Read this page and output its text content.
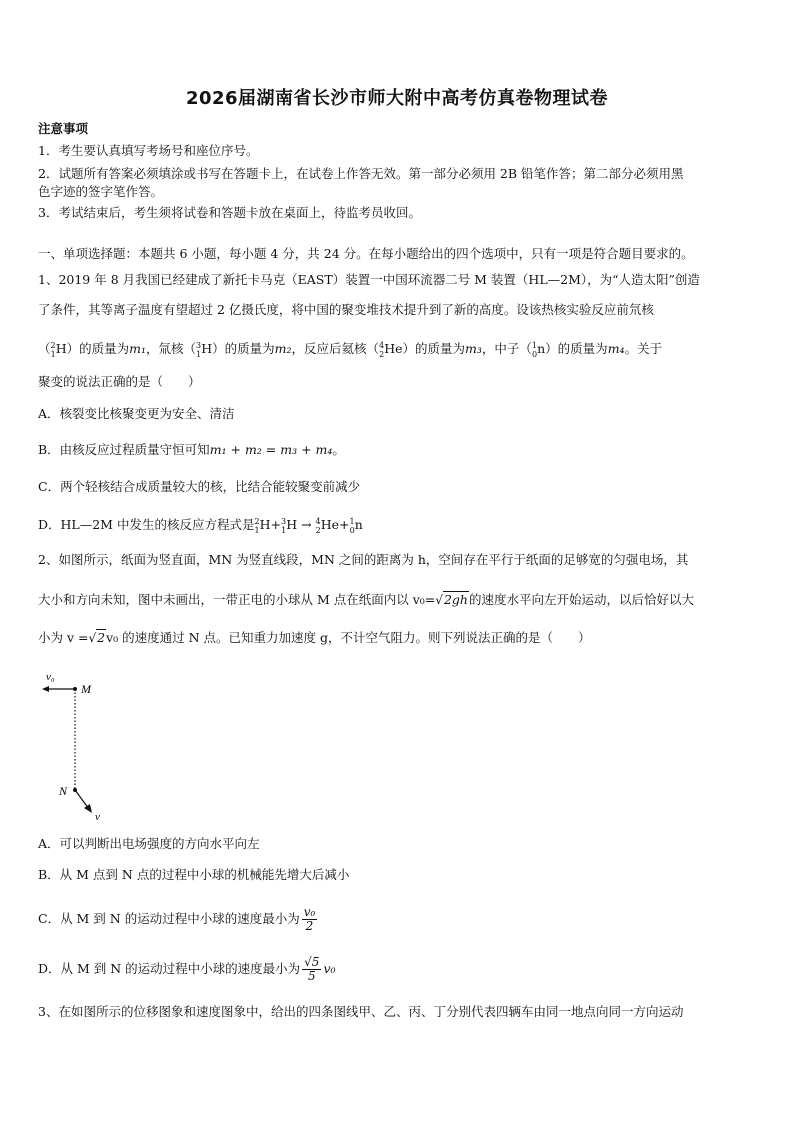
2026届湖南省长沙市师大附中高考仿真卷物理试卷
注意事项
1．考生要认真填写考场号和座位序号。
2．试题所有答案必须填涂或书写在答题卡上，在试卷上作答无效。第一部分必须用 2B 铅笔作答；第二部分必须用黑
色字迹的签字笔作答。
3．考试结束后，考生须将试卷和答题卡放在桌面上，待监考员收回。
一、单项选择题：本题共 6 小题，每小题 4 分，共 24 分。在每小题给出的四个选项中，只有一项是符合题目要求的。
1、2019 年 8 月我国已经建成了新托卡马克（EAST）装置一中国环流器二号 M 装置（HL—2M），为“人造太阳”创造
了条件，其等离子温度有望超过 2 亿摄氏度，将中国的聚变堆技术提升到了新的高度。设该热核实验反应前氘核
（$^2_1$H）的质量为m₁，氚核（$^3_1$H）的质量为m₂，反应后氦核（$^4_2$He）的质量为m₃，中子（$^1_0$n）的质量为m₄。关于
聚变的说法正确的是（　　）
A．核裂变比核聚变更为安全、清洁
B．由核反应过程质量守恒可知m₁ + m₂ = m₃ + m₄。
C．两个轻核结合成质量较大的核，比结合能较聚变前减少
D．HL—2M 中发生的核反应方程式是$^2_1$H+$^3_1$H → $^4_2$He+$^1_0$n
2、如图所示，纸面为竖直面，MN 为竖直线段，MN 之间的距离为 h，空间存在平行于纸面的足够宽的匀强电场，其
大小和方向未知，图中未画出，一带正电的小球从 M 点在纸面内以 v₀=√2gh的速度水平向左开始运动，以后恰好以大
小为 v =√2v₀ 的速度通过 N 点。已知重力加速度 g，不计空气阻力。则下列说法正确的是（　　）
v₀
M
N
v
A．可以判断出电场强度的方向水平向左
B．从 M 点到 N 点的过程中小球的机械能先增大后减小
C．从 M 到 N 的运动过程中小球的速度最小为 $\frac{\text{v₀}}{2}$
D．从 M 到 N 的运动过程中小球的速度最小为 $\frac{√5}{5} v_0$
3、在如图所示的位移图象和速度图象中，给出的四条图线甲、乙、丙、丁分别代表四辆车由同一地点向同一方向运动
